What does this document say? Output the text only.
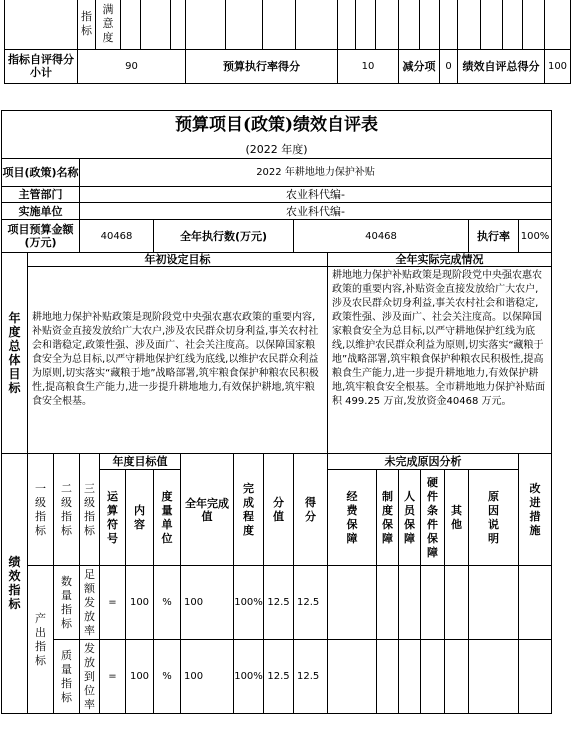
	指标	满意度																		
指标自评得分小计	90					预算执行率得分				10			减分项		0	绩效自评总得分				100
预算项目(政策)绩效自评表																	
(2022 年度)																	
项目(政策)名称			2022 年耕地地力保护补贴														
主管部门			农业科代编-														
实施单位			农业科代编-														
项目预算金额(万元)			40468			全年执行数(万元)				40468						执行率	100%
年度总体目标	年初设定目标										全年实际完成情况						
	耕地地力保护补贴政策是现阶段党中央强农惠农政策的重要内容,补贴资金直接发放给广大农户,涉及农民群众切身利益,事关农村社会和谐稳定,政策性强、涉及面广、社会关注度高。以保障国家粮食安全为总目标,以严守耕地保护红线为底线,以维护农民群众利益为原则,切实落实“藏粮于地”战略部署,筑牢粮食保护种粮农民积极性,提高粮食生产能力,进一步提升耕地地力,有效保护耕地,筑牢粮食安全根基。										耕地地力保护补贴政策是现阶段党中央强农惠农政策的重要内容,补贴资金直接发放给广大农户,涉及农民群众切身利益,事关农村社会和谐稳定,政策性强、涉及面广、社会关注度高。以保障国家粮食安全为总目标,以严守耕地保护红线为底线,以维护农民群众利益为原则,切实落实“藏粮于地”战略部署,筑牢粮食保护种粮农民积极性,提高粮食生产能力,进一步提升耕地地力,有效保护耕地,筑牢粮食安全根基。全市耕地地力保护补贴面积 499.25 万亩,发放资金40468 万元。						
绩效指标	一级指标	二级指标	三级指标	年度目标值			全年完成值	完成程度	分值	得分	未完成原因分析						改进措施
				运算符号	内容	度量单位					经费保障	制度保障	人员保障	硬件条件保障	其他	原因说明	

	产出指标	数量指标	足额发放率	=	100	%	100	100%	12.5	12.5							
		质量指标	发放到位率	=	100	%	100	100%	12.5	12.5							
